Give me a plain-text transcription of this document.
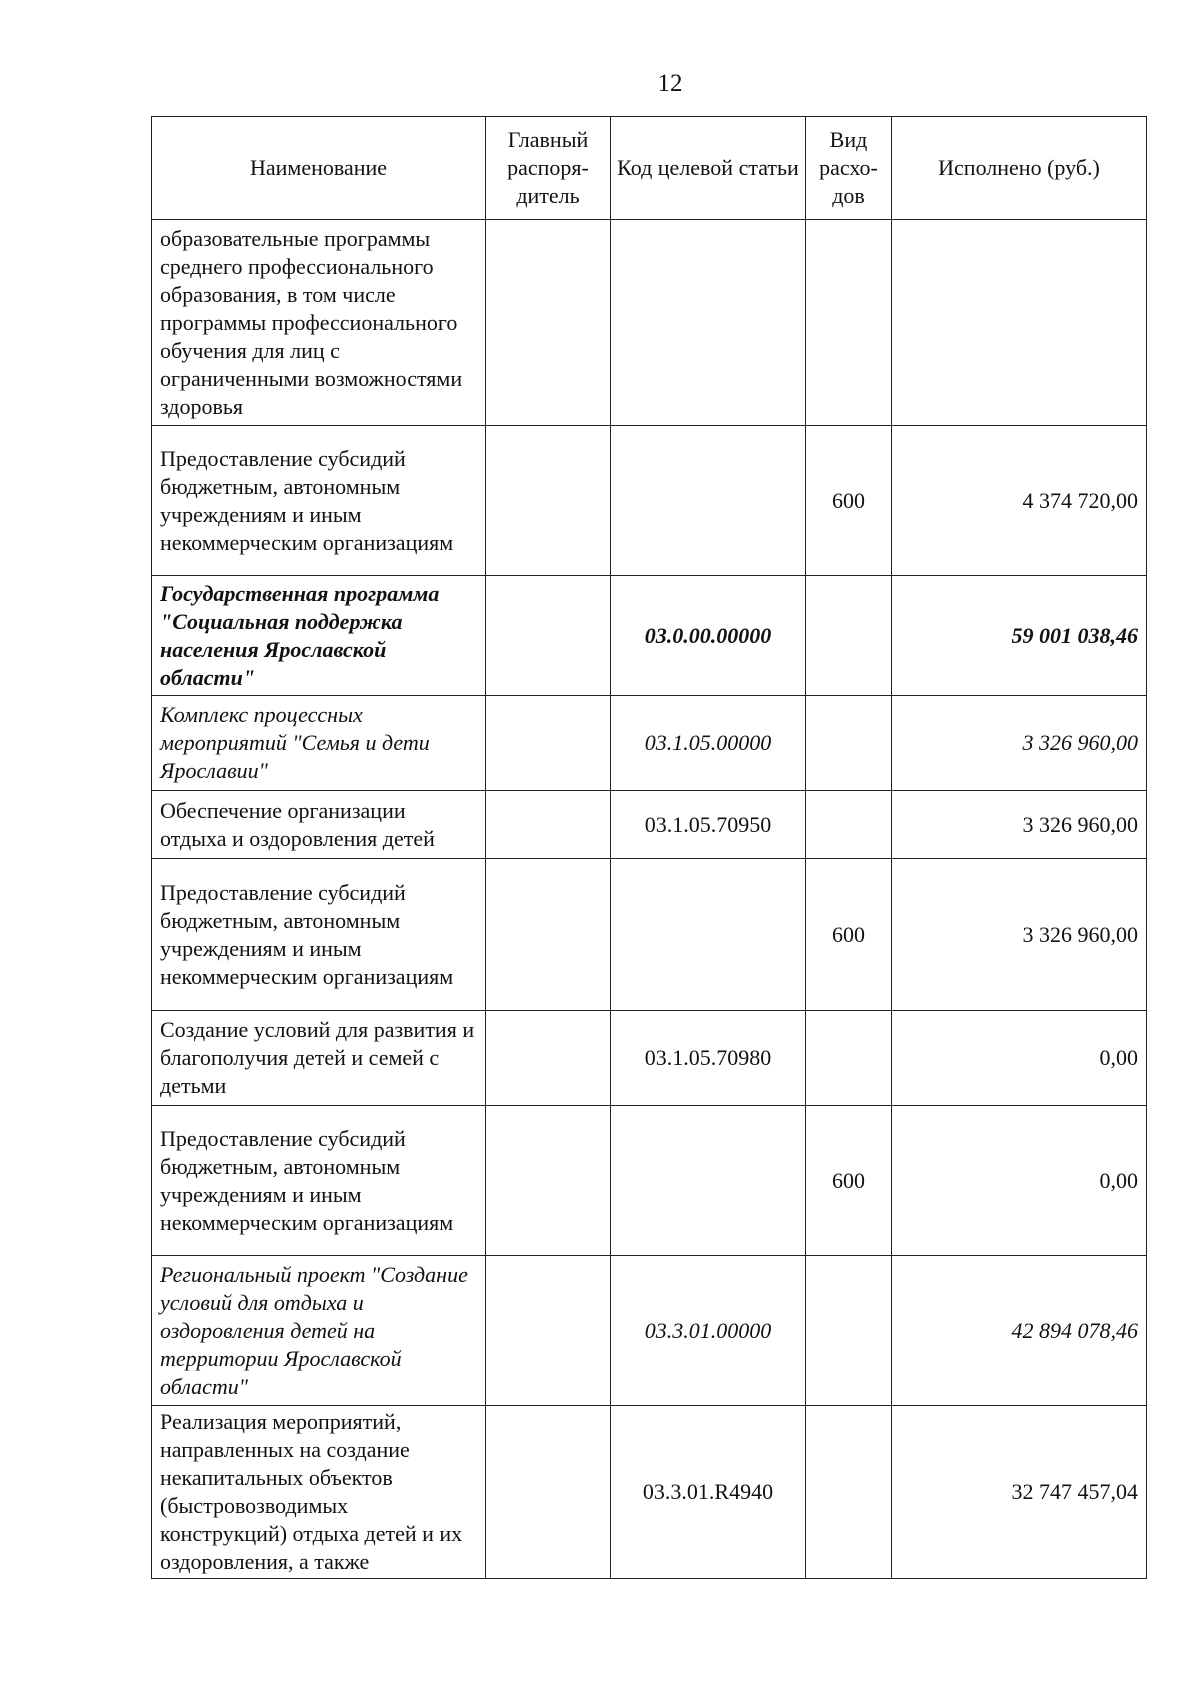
12
Наименование	Главный распоря-дитель	Код целевой статьи	Вид расхо-дов	Исполнено (руб.)
образовательные программы среднего профессионального образования, в том числе программы профессионального обучения для лиц с ограниченными возможностями здоровья				
Предоставление субсидий бюджетным, автономным учреждениям и иным некоммерческим организациям			600	4 374 720,00
Государственная программа "Социальная поддержка населения Ярославской области"		03.0.00.00000		59 001 038,46
Комплекс процессных мероприятий "Семья и дети Ярославии"		03.1.05.00000		3 326 960,00
Обеспечение организации отдыха и оздоровления детей		03.1.05.70950		3 326 960,00
Предоставление субсидий бюджетным, автономным учреждениям и иным некоммерческим организациям			600	3 326 960,00
Создание условий для развития и благополучия детей и семей с детьми		03.1.05.70980		0,00
Предоставление субсидий бюджетным, автономным учреждениям и иным некоммерческим организациям			600	0,00
Региональный проект "Создание условий для отдыха и оздоровления детей на территории Ярославской области"		03.3.01.00000		42 894 078,46
Реализация мероприятий, направленных на создание некапитальных объектов (быстровозводимых конструкций) отдыха детей и их оздоровления, а также		03.3.01.R4940		32 747 457,04
